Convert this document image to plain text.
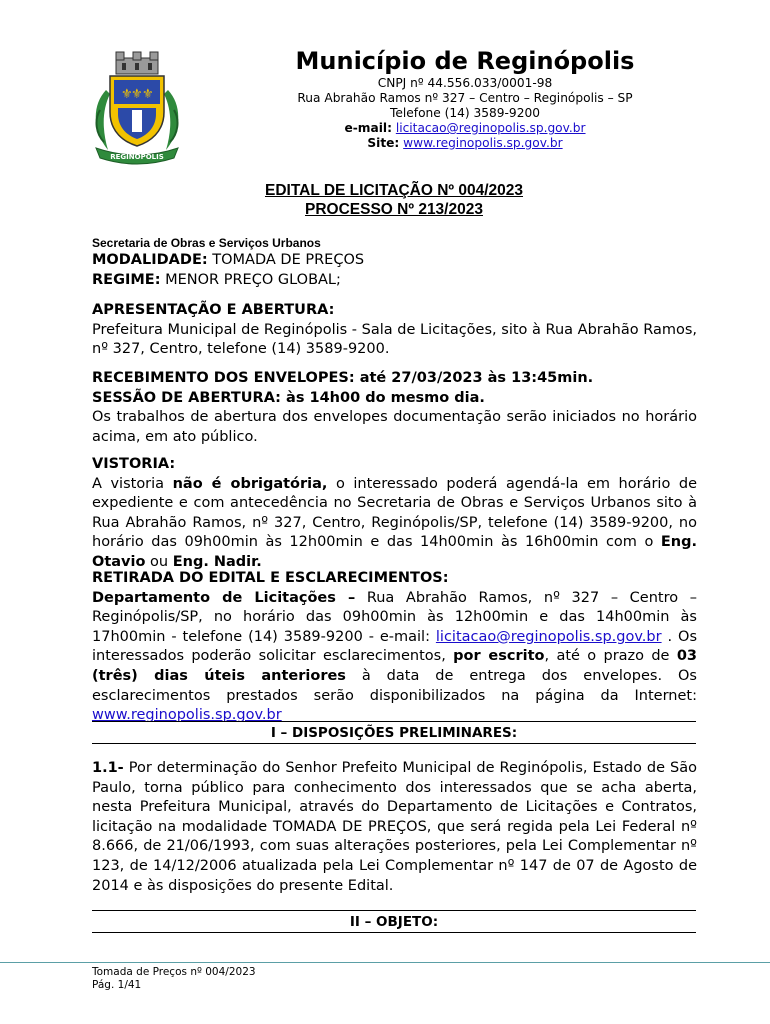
⚜
⚜ ⚜
REGINOPOLIS
Município de Reginópolis
CNPJ nº 44.556.033/0001-98
Rua Abrahão Ramos nº 327 – Centro – Reginópolis – SP
Telefone (14) 3589-9200
e-mail: licitacao@reginopolis.sp.gov.br
Site: www.reginopolis.sp.gov.br
EDITAL DE LICITAÇÃO Nº 004/2023
PROCESSO Nº 213/2023
Secretaria de Obras e Serviços Urbanos
MODALIDADE: TOMADA DE PREÇOS
REGIME: MENOR PREÇO GLOBAL;
APRESENTAÇÃO E ABERTURA:
Prefeitura Municipal de Reginópolis - Sala de Licitações, sito à Rua Abrahão Ramos, nº 327, Centro, telefone (14) 3589-9200.
RECEBIMENTO DOS ENVELOPES: até 27/03/2023 às 13:45min.
SESSÃO DE ABERTURA: às 14h00 do mesmo dia.
Os trabalhos de abertura dos envelopes documentação serão iniciados no horário acima, em ato público.
VISTORIA:
A vistoria não é obrigatória, o interessado poderá agendá-la em horário de expediente e com antecedência no Secretaria de Obras e Serviços Urbanos sito à Rua Abrahão Ramos, nº 327, Centro, Reginópolis/SP, telefone (14) 3589-9200, no horário das 09h00min às 12h00min e das 14h00min às 16h00min com o Eng. Otavio ou Eng. Nadir.
RETIRADA DO EDITAL E ESCLARECIMENTOS:
Departamento de Licitações – Rua Abrahão Ramos, nº 327 – Centro – Reginópolis/SP, no horário das 09h00min às 12h00min e das 14h00min às 17h00min - telefone (14) 3589-9200 - e-mail: licitacao@reginopolis.sp.gov.br . Os interessados poderão solicitar esclarecimentos, por escrito, até o prazo de 03 (três) dias úteis anteriores à data de entrega dos envelopes. Os esclarecimentos prestados serão disponibilizados na página da Internet: www.reginopolis.sp.gov.br
I – DISPOSIÇÕES PRELIMINARES:
1.1- Por determinação do Senhor Prefeito Municipal de Reginópolis, Estado de São Paulo, torna público para conhecimento dos interessados que se acha aberta, nesta Prefeitura Municipal, através do Departamento de Licitações e Contratos, licitação na modalidade TOMADA DE PREÇOS, que será regida pela Lei Federal nº 8.666, de 21/06/1993, com suas alterações posteriores, pela Lei Complementar nº 123, de 14/12/2006 atualizada pela Lei Complementar nº 147 de 07 de Agosto de 2014 e às disposições do presente Edital.
II – OBJETO:
Tomada de Preços nº 004/2023
Pág. 1/41
